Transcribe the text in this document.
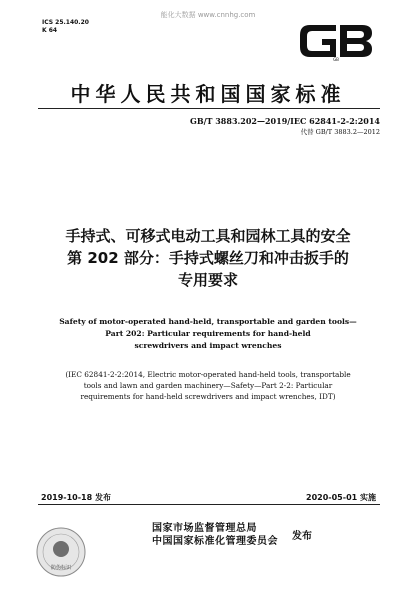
能化大数据 www.cnnhg.com
ICS 25.140.20
K 64
GB
中华人民共和国国家标准
GB/T 3883.202—2019/IEC 62841-2-2:2014
代替 GB/T 3883.2—2012
手持式、可移式电动工具和园林工具的安全
第 202 部分：手持式螺丝刀和冲击扳手的
专用要求
Safety of motor-operated hand-held, transportable and garden tools—
Part 202: Particular requirements for hand-held
screwdrivers and impact wrenches
(IEC 62841-2-2:2014, Electric motor-operated hand-held tools, transportable
tools and lawn and garden machinery—Safety—Part 2-2: Particular
requirements for hand-held screwdrivers and impact wrenches, IDT)
2019-10-18 发布	2020-05-01 实施
防伪标识
国家市场监督管理总局
中国国家标准化管理委员会 发布
